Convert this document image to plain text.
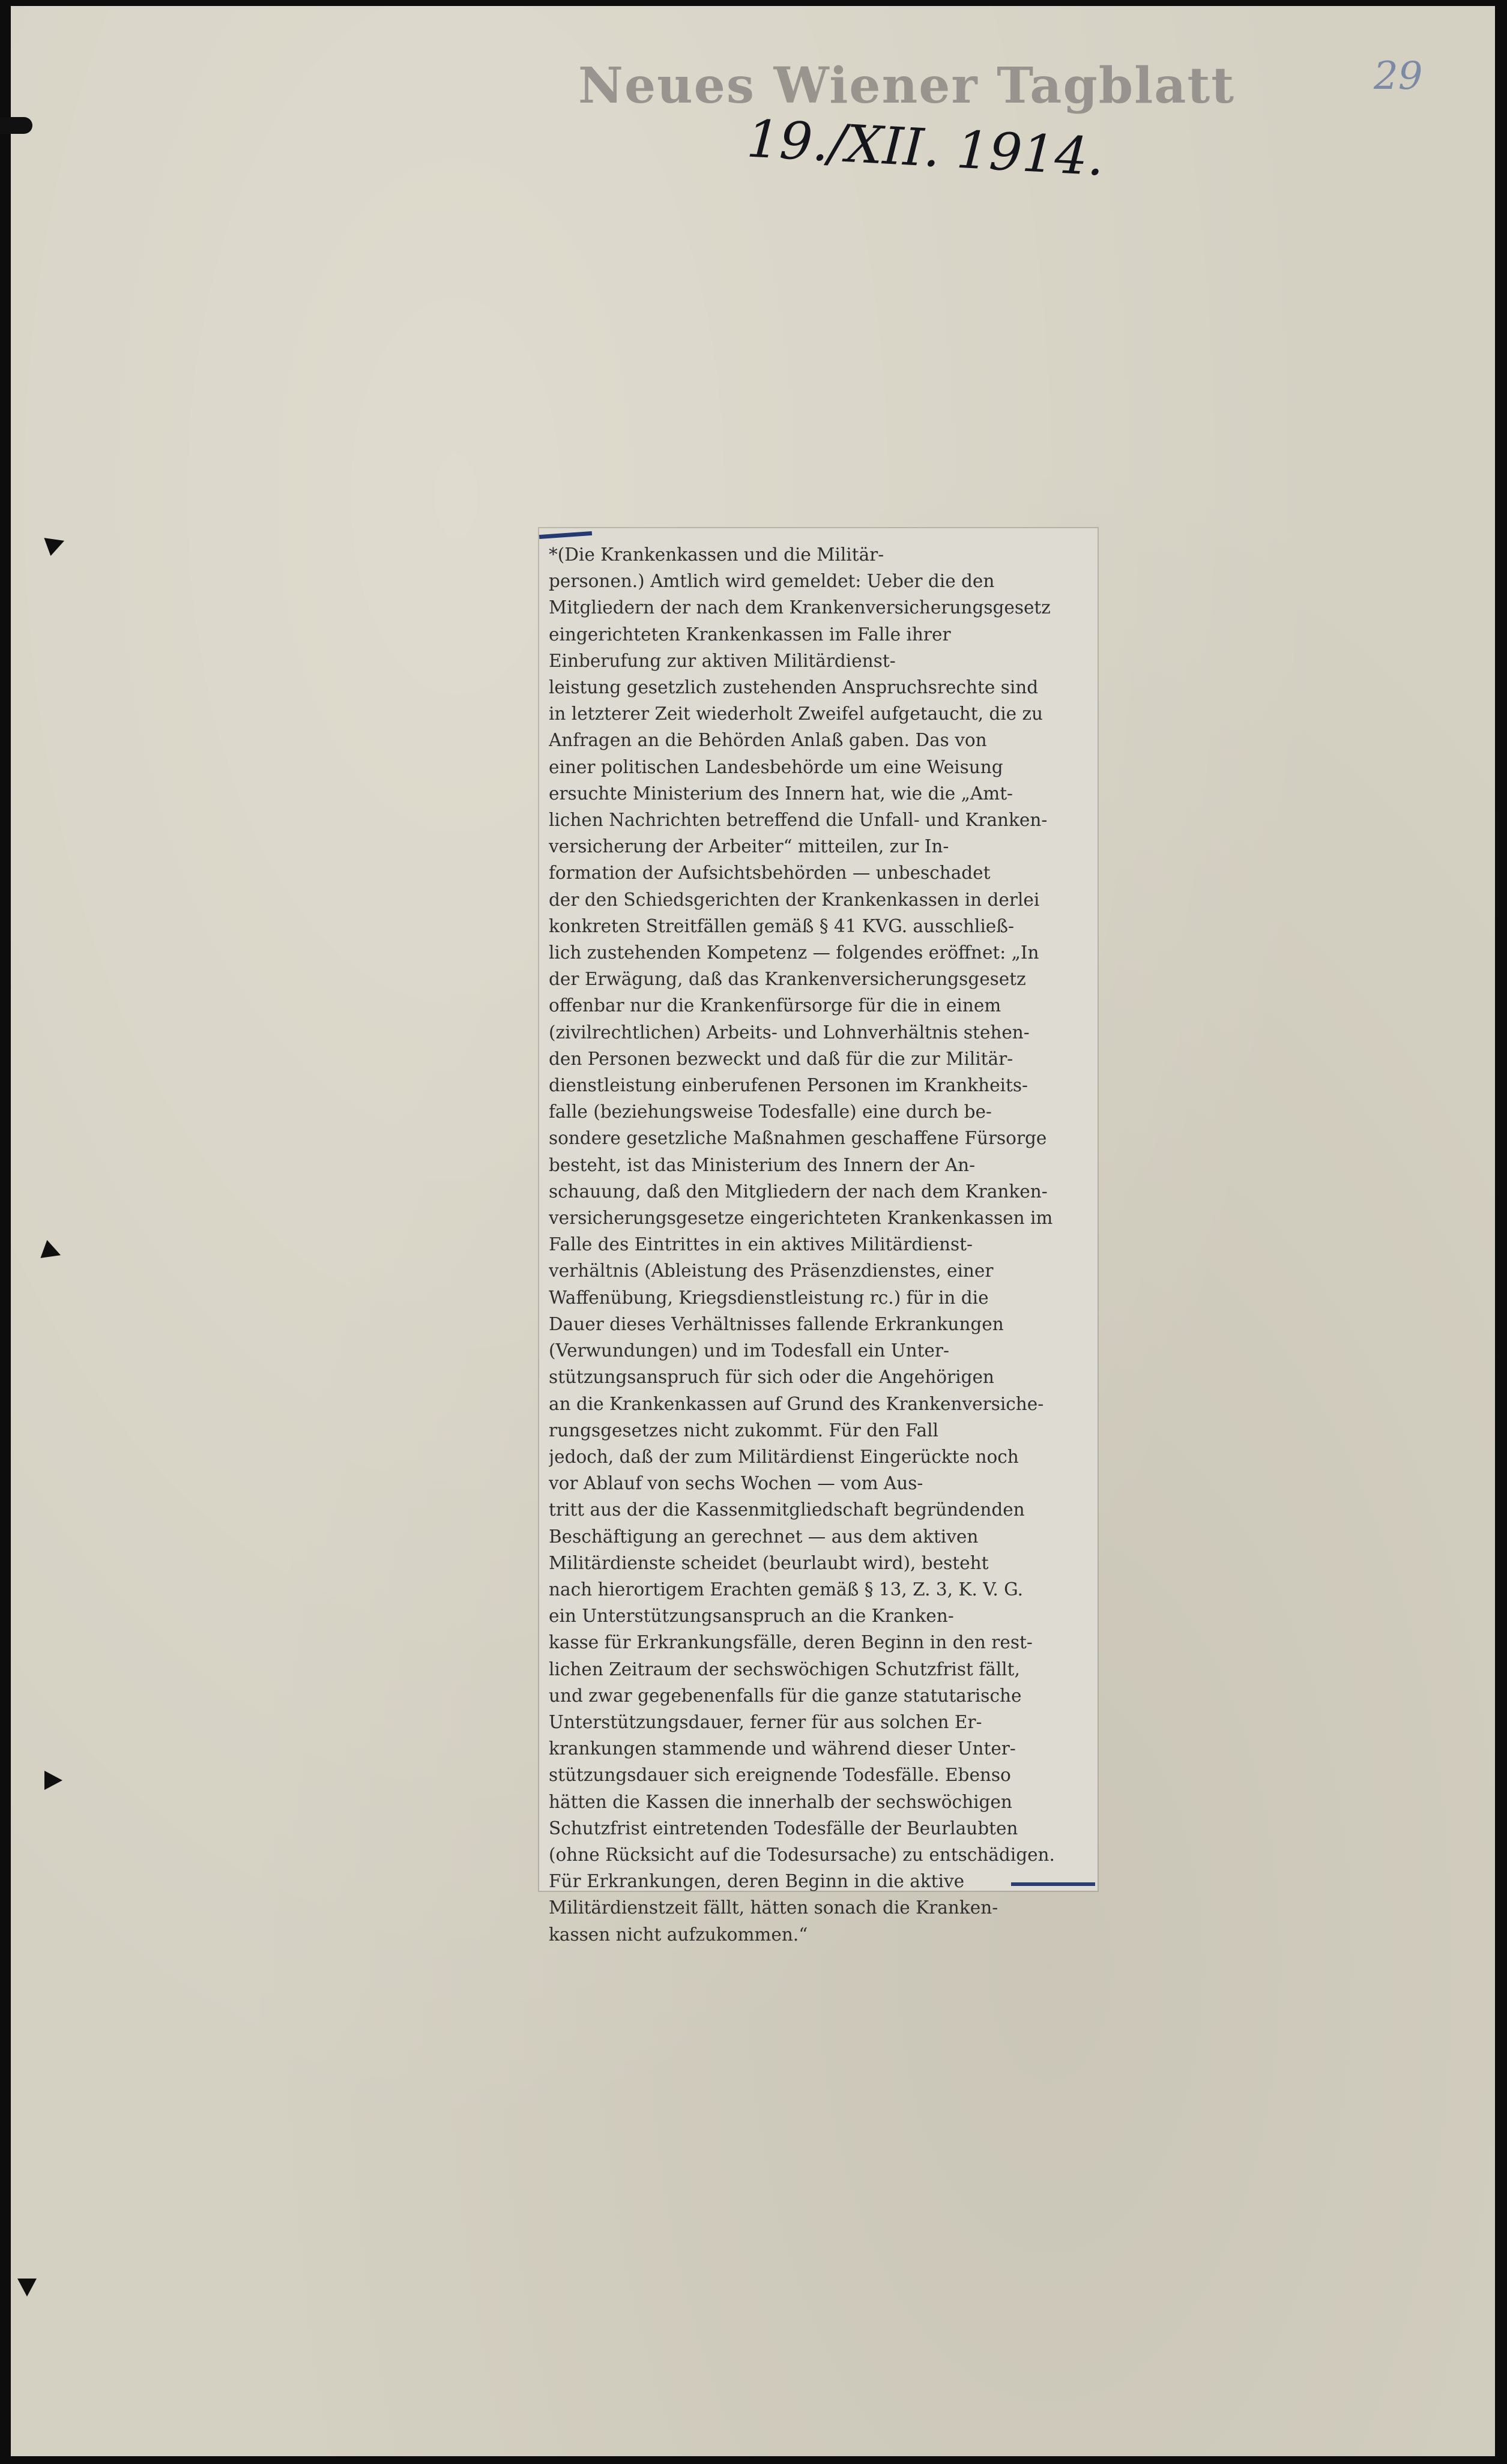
Neues Wiener Tagblatt
19./XII. 1914.
29
*(Die Krankenkassen und die Militär-
personen.) Amtlich wird gemeldet: Ueber die den
Mitgliedern der nach dem Krankenversicherungsgesetz
eingerichteten Krankenkassen im Falle ihrer
Einberufung zur aktiven Militärdienst-
leistung gesetzlich zustehenden Anspruchsrechte sind
in letzterer Zeit wiederholt Zweifel aufgetaucht, die zu
Anfragen an die Behörden Anlaß gaben. Das von
einer politischen Landesbehörde um eine Weisung
ersuchte Ministerium des Innern hat, wie die „Amt-
lichen Nachrichten betreffend die Unfall- und Kranken-
versicherung der Arbeiter“ mitteilen, zur In-
formation der Aufsichtsbehörden — unbeschadet
der den Schiedsgerichten der Krankenkassen in derlei
konkreten Streitfällen gemäß § 41 KVG. ausschließ-
lich zustehenden Kompetenz — folgendes eröffnet: „In
der Erwägung, daß das Krankenversicherungsgesetz
offenbar nur die Krankenfürsorge für die in einem
(zivilrechtlichen) Arbeits- und Lohnverhältnis stehen-
den Personen bezweckt und daß für die zur Militär-
dienstleistung einberufenen Personen im Krankheits-
falle (beziehungsweise Todesfalle) eine durch be-
sondere gesetzliche Maßnahmen geschaffene Fürsorge
besteht, ist das Ministerium des Innern der An-
schauung, daß den Mitgliedern der nach dem Kranken-
versicherungsgesetze eingerichteten Krankenkassen im
Falle des Eintrittes in ein aktives Militärdienst-
verhältnis (Ableistung des Präsenzdienstes, einer
Waffenübung, Kriegsdienstleistung rc.) für in die
Dauer dieses Verhältnisses fallende Erkrankungen
(Verwundungen) und im Todesfall ein Unter-
stützungsanspruch für sich oder die Angehörigen
an die Krankenkassen auf Grund des Krankenversiche-
rungsgesetzes nicht zukommt. Für den Fall
jedoch, daß der zum Militärdienst Eingerückte noch
vor Ablauf von sechs Wochen — vom Aus-
tritt aus der die Kassenmitgliedschaft begründenden
Beschäftigung an gerechnet — aus dem aktiven
Militärdienste scheidet (beurlaubt wird), besteht
nach hierortigem Erachten gemäß § 13, Z. 3, K. V. G.
ein Unterstützungsanspruch an die Kranken-
kasse für Erkrankungsfälle, deren Beginn in den rest-
lichen Zeitraum der sechswöchigen Schutzfrist fällt,
und zwar gegebenenfalls für die ganze statutarische
Unterstützungsdauer, ferner für aus solchen Er-
krankungen stammende und während dieser Unter-
stützungsdauer sich ereignende Todesfälle. Ebenso
hätten die Kassen die innerhalb der sechswöchigen
Schutzfrist eintretenden Todesfälle der Beurlaubten
(ohne Rücksicht auf die Todesursache) zu entschädigen.
Für Erkrankungen, deren Beginn in die aktive
Militärdienstzeit fällt, hätten sonach die Kranken-
kassen nicht aufzukommen.“
